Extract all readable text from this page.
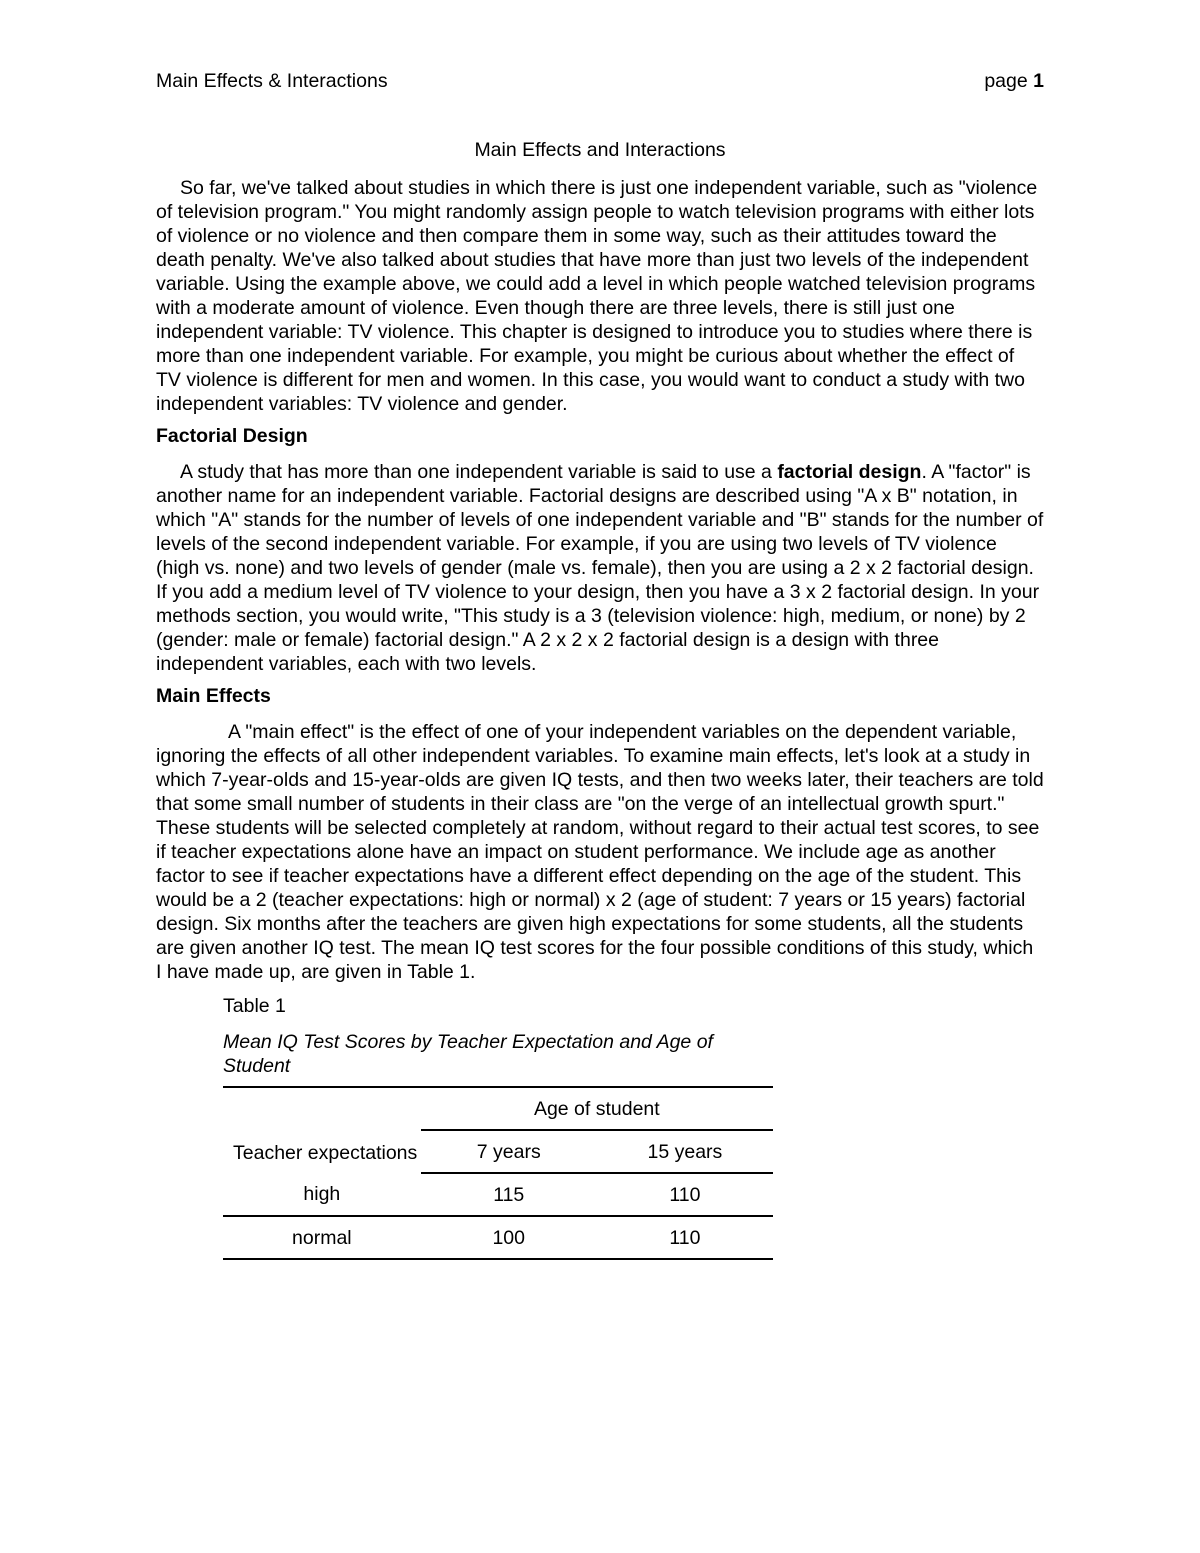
Main Effects & Interactions	page 1

Main Effects and Interactions

So far, we've talked about studies in which there is just one independent variable, such as "violence of television program." You might randomly assign people to watch television programs with either lots of violence or no violence and then compare them in some way, such as their attitudes toward the death penalty. We've also talked about studies that have more than just two levels of the independent variable. Using the example above, we could add a level in which people watched television programs with a moderate amount of violence. Even though there are three levels, there is still just one independent variable: TV violence. This chapter is designed to introduce you to studies where there is more than one independent variable. For example, you might be curious about whether the effect of TV violence is different for men and women. In this case, you would want to conduct a study with two independent variables: TV violence and gender.

Factorial Design

A study that has more than one independent variable is said to use a factorial design. A "factor" is another name for an independent variable. Factorial designs are described using "A x B" notation, in which "A" stands for the number of levels of one independent variable and "B" stands for the number of levels of the second independent variable. For example, if you are using two levels of TV violence (high vs. none) and two levels of gender (male vs. female), then you are using a 2 x 2 factorial design. If you add a medium level of TV violence to your design, then you have a 3 x 2 factorial design. In your methods section, you would write, "This study is a 3 (television violence: high, medium, or none) by 2 (gender: male or female) factorial design." A 2 x 2 x 2 factorial design is a design with three independent variables, each with two levels.

Main Effects

A "main effect" is the effect of one of your independent variables on the dependent variable, ignoring the effects of all other independent variables. To examine main effects, let's look at a study in which 7-year-olds and 15-year-olds are given IQ tests, and then two weeks later, their teachers are told that some small number of students in their class are "on the verge of an intellectual growth spurt." These students will be selected completely at random, without regard to their actual test scores, to see if teacher expectations alone have an impact on student performance. We include age as another factor to see if teacher expectations have a different effect depending on the age of the student. This would be a 2 (teacher expectations: high or normal) x 2 (age of student: 7 years or 15 years) factorial design. Six months after the teachers are given high expectations for some students, all the students are given another IQ test. The mean IQ test scores for the four possible conditions of this study, which I have made up, are given in Table 1.

Table 1

Mean IQ Test Scores by Teacher Expectation and Age of Student

Teacher expectations	Age of student	
	7 years	15 years
high	115	110
normal	100	110
